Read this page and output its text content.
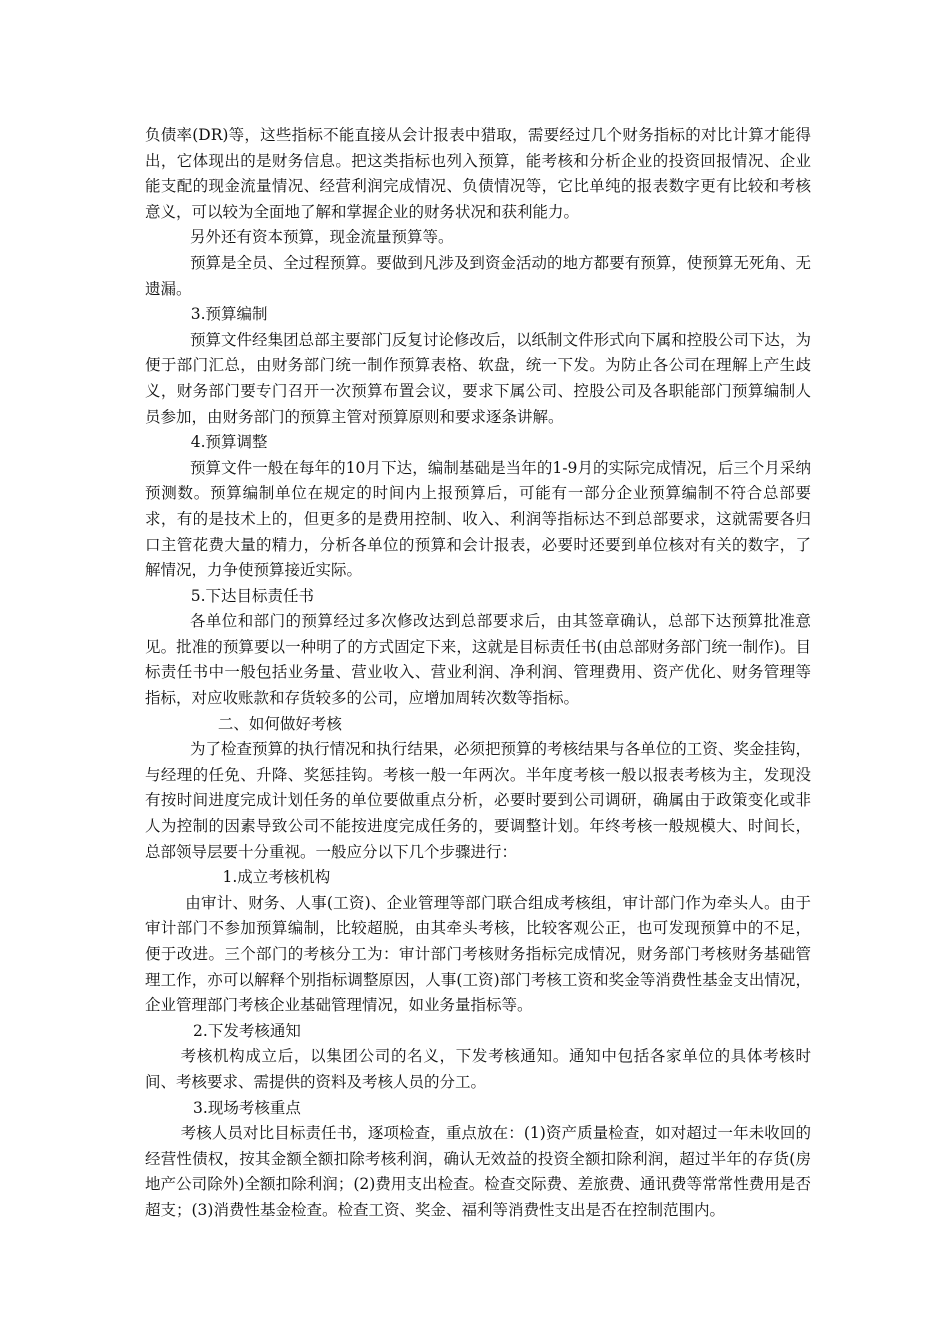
负债率(DR)等，这些指标不能直接从会计报表中猎取，需要经过几个财务指标的对比计算才能得出，它体现出的是财务信息。把这类指标也列入预算，能考核和分析企业的投资回报情况、企业能支配的现金流量情况、经营利润完成情况、负债情况等，它比单纯的报表数字更有比较和考核意义，可以较为全面地了解和掌握企业的财务状况和获利能力。

另外还有资本预算，现金流量预算等。

预算是全员、全过程预算。要做到凡涉及到资金活动的地方都要有预算，使预算无死角、无遗漏。

3.预算编制

预算文件经集团总部主要部门反复讨论修改后，以纸制文件形式向下属和控股公司下达，为便于部门汇总，由财务部门统一制作预算表格、软盘，统一下发。为防止各公司在理解上产生歧义，财务部门要专门召开一次预算布置会议，要求下属公司、控股公司及各职能部门预算编制人员参加，由财务部门的预算主管对预算原则和要求逐条讲解。

4.预算调整

预算文件一般在每年的10月下达，编制基础是当年的1-9月的实际完成情况，后三个月采纳预测数。预算编制单位在规定的时间内上报预算后，可能有一部分企业预算编制不符合总部要求，有的是技术上的，但更多的是费用控制、收入、利润等指标达不到总部要求，这就需要各归口主管花费大量的精力，分析各单位的预算和会计报表，必要时还要到单位核对有关的数字，了解情况，力争使预算接近实际。

5.下达目标责任书

各单位和部门的预算经过多次修改达到总部要求后，由其签章确认，总部下达预算批准意见。批准的预算要以一种明了的方式固定下来，这就是目标责任书(由总部财务部门统一制作)。目标责任书中一般包括业务量、营业收入、营业利润、净利润、管理费用、资产优化、财务管理等指标，对应收账款和存货较多的公司，应增加周转次数等指标。

二、如何做好考核

为了检查预算的执行情况和执行结果，必须把预算的考核结果与各单位的工资、奖金挂钩，与经理的任免、升降、奖惩挂钩。考核一般一年两次。半年度考核一般以报表考核为主，发现没有按时间进度完成计划任务的单位要做重点分析，必要时要到公司调研，确属由于政策变化或非人为控制的因素导致公司不能按进度完成任务的，要调整计划。年终考核一般规模大、时间长，总部领导层要十分重视。一般应分以下几个步骤进行：

1.成立考核机构

由审计、财务、人事(工资)、企业管理等部门联合组成考核组，审计部门作为牵头人。由于审计部门不参加预算编制，比较超脱，由其牵头考核，比较客观公正，也可发现预算中的不足，便于改进。三个部门的考核分工为：审计部门考核财务指标完成情况，财务部门考核财务基础管理工作，亦可以解释个别指标调整原因，人事(工资)部门考核工资和奖金等消费性基金支出情况，企业管理部门考核企业基础管理情况，如业务量指标等。

2.下发考核通知

考核机构成立后，以集团公司的名义，下发考核通知。通知中包括各家单位的具体考核时间、考核要求、需提供的资料及考核人员的分工。

3.现场考核重点

考核人员对比目标责任书，逐项检查，重点放在：(1)资产质量检查，如对超过一年未收回的经营性债权，按其金额全额扣除考核利润，确认无效益的投资全额扣除利润，超过半年的存货(房地产公司除外)全额扣除利润；(2)费用支出检查。检查交际费、差旅费、通讯费等常常性费用是否超支；(3)消费性基金检查。检查工资、奖金、福利等消费性支出是否在控制范围内。
